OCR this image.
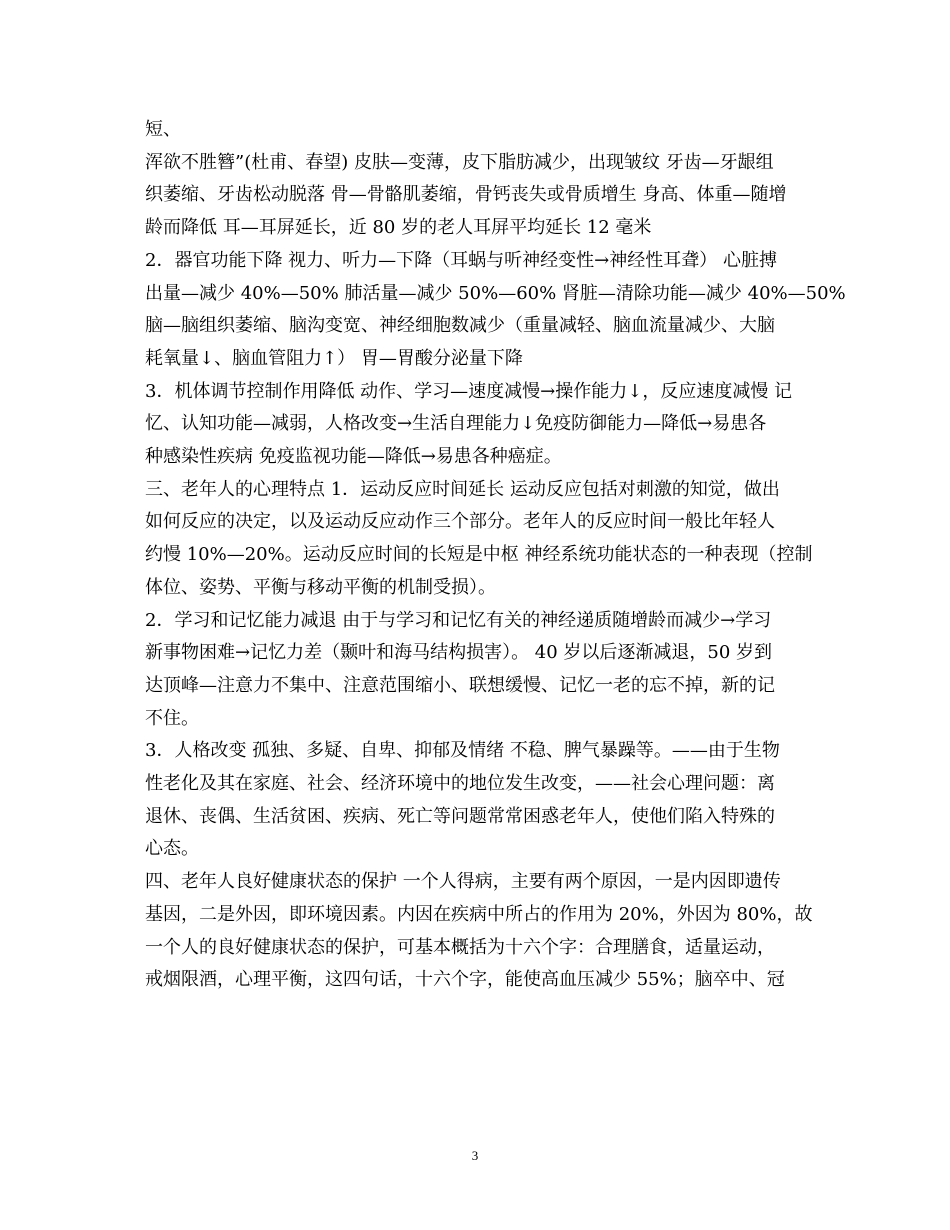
短、
浑欲不胜簪”(杜甫、春望) 皮肤—变薄，皮下脂肪减少，出现皱纹 牙齿—牙龈组
织萎缩、牙齿松动脱落 骨—骨骼肌萎缩，骨钙丧失或骨质增生 身高、体重—随增
龄而降低 耳—耳屏延长，近 80 岁的老人耳屏平均延长 12 毫米
2．器官功能下降 视力、听力—下降（耳蜗与听神经变性→神经性耳聋） 心脏搏
出量—减少 40%—50% 肺活量—减少 50%—60% 肾脏—清除功能—减少 40%—50%
脑—脑组织萎缩、脑沟变宽、神经细胞数减少（重量减轻、脑血流量减少、大脑
耗氧量↓、脑血管阻力↑） 胃—胃酸分泌量下降
3．机体调节控制作用降低 动作、学习—速度减慢→操作能力↓，反应速度减慢 记
忆、认知功能—减弱，人格改变→生活自理能力↓免疫防御能力—降低→易患各
种感染性疾病 免疫监视功能—降低→易患各种癌症。
三、老年人的心理特点 1．运动反应时间延长 运动反应包括对刺激的知觉，做出
如何反应的决定，以及运动反应动作三个部分。老年人的反应时间一般比年轻人
约慢 10%—20%。运动反应时间的长短是中枢 神经系统功能状态的一种表现（控制
体位、姿势、平衡与移动平衡的机制受损）。
2．学习和记忆能力减退 由于与学习和记忆有关的神经递质随增龄而减少→学习
新事物困难→记忆力差（颞叶和海马结构损害）。 40 岁以后逐渐减退，50 岁到
达顶峰—注意力不集中、注意范围缩小、联想缓慢、记忆一老的忘不掉，新的记
不住。
3．人格改变 孤独、多疑、自卑、抑郁及情绪 不稳、脾气暴躁等。——由于生物
性老化及其在家庭、社会、经济环境中的地位发生改变，——社会心理问题：离
退休、丧偶、生活贫困、疾病、死亡等问题常常困惑老年人，使他们陷入特殊的
心态。
四、老年人良好健康状态的保护 一个人得病，主要有两个原因，一是内因即遗传
基因，二是外因，即环境因素。内因在疾病中所占的作用为 20%，外因为 80%，故
一个人的良好健康状态的保护，可基本概括为十六个字：合理膳食，适量运动，
戒烟限酒，心理平衡，这四句话，十六个字，能使高血压减少 55%；脑卒中、冠
3
